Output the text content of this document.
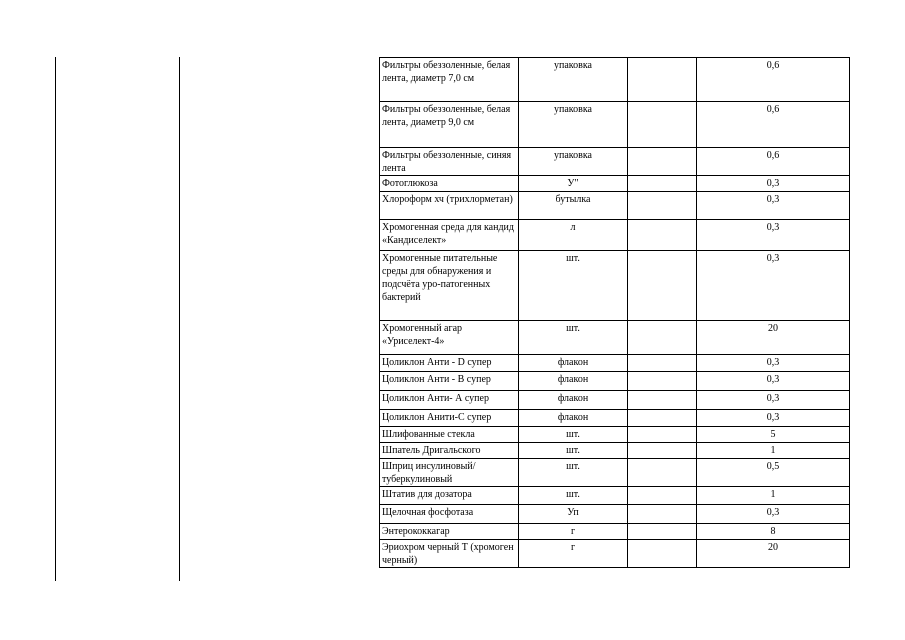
Фильтры обеззоленные, белая лента, диаметр 7,0 см	упаковка		0,6
Фильтры обеззоленные, белая лента, диаметр 9,0 см	упаковка		0,6
Фильтры обеззоленные, синяя лента	упаковка		0,6
Фотоглюкоза	У"		0,3
Хлороформ хч (трихлорметан)	бутылка		0,3
Хромогенная среда для кандид «Кандиселект»	л		0,3
Хромогенные питательные среды для обнаружения и подсчёта уро-патогенных бактерий	шт.		0,3
Хромогенный агар «Уриселект-4»	шт.		20
Цоликлон Анти - D супер	флакон		0,3
Цоликлон Анти - В супер	флакон		0,3
Цоликлон Анти- А супер	флакон		0,3
Цоликлон Анити-С супер	флакон		0,3
Шлифованные стекла	шт.		5
Шпатель Дригальского	шт.		1
Шприц инсулиновый/ туберкулиновый	шт.		0,5
Штатив для дозатора	шт.		1
Щелочная фосфотаза	Уп		0,3
Энтерококкагар	г		8
Эриохром черный Т (хромоген черный)	г		20
